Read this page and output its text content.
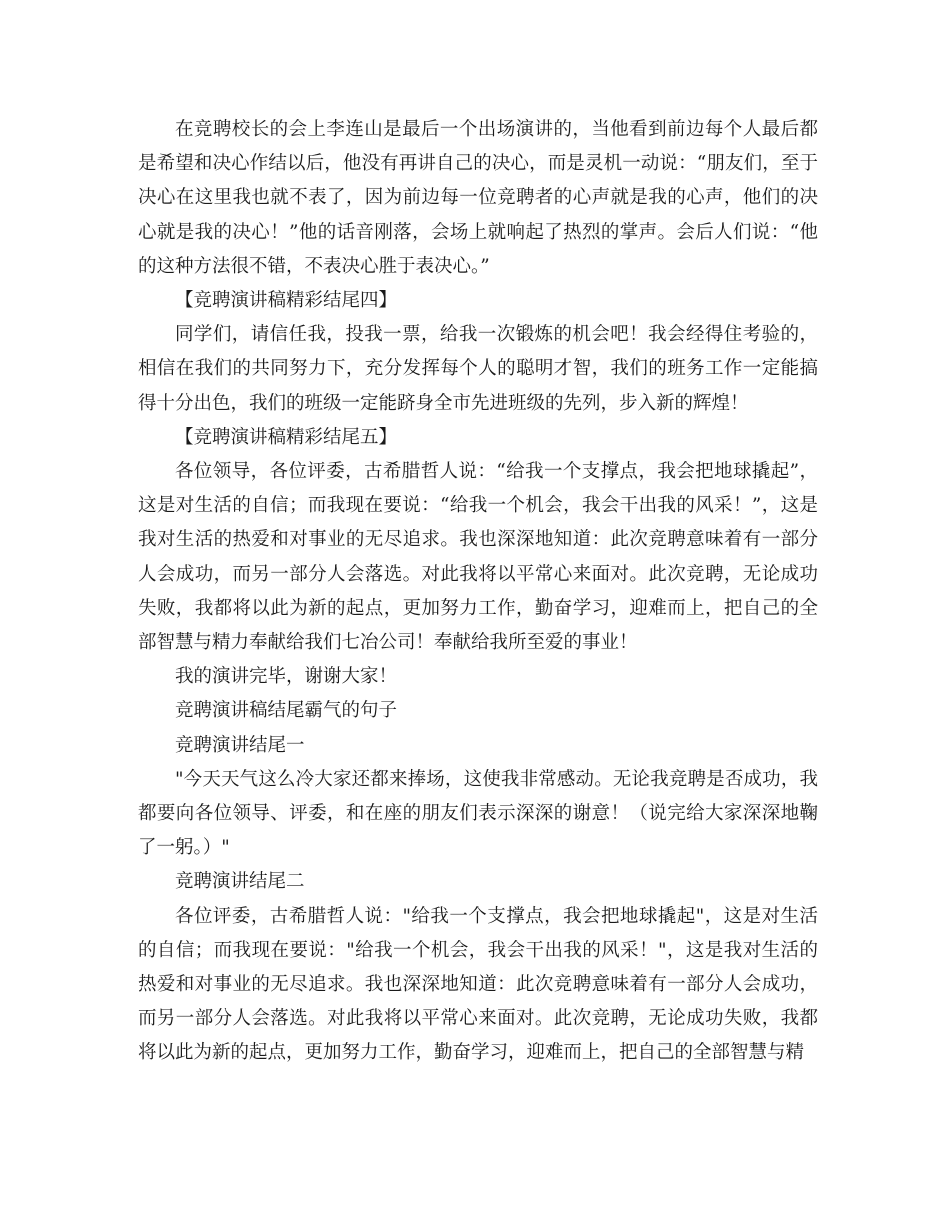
在竞聘校长的会上李连山是最后一个出场演讲的，当他看到前边每个人最后都是希望和决心作结以后，他没有再讲自己的决心，而是灵机一动说：“朋友们，至于决心在这里我也就不表了，因为前边每一位竞聘者的心声就是我的心声，他们的决心就是我的决心！”他的话音刚落，会场上就响起了热烈的掌声。会后人们说：“他的这种方法很不错，不表决心胜于表决心。”

【竞聘演讲稿精彩结尾四】

同学们，请信任我，投我一票，给我一次锻炼的机会吧！我会经得住考验的，相信在我们的共同努力下，充分发挥每个人的聪明才智，我们的班务工作一定能搞得十分出色，我们的班级一定能跻身全市先进班级的先列，步入新的辉煌！

【竞聘演讲稿精彩结尾五】

各位领导，各位评委，古希腊哲人说：“给我一个支撑点，我会把地球撬起”，这是对生活的自信；而我现在要说：“给我一个机会，我会干出我的风采！”，这是我对生活的热爱和对事业的无尽追求。我也深深地知道：此次竞聘意味着有一部分人会成功，而另一部分人会落选。对此我将以平常心来面对。此次竞聘，无论成功失败，我都将以此为新的起点，更加努力工作，勤奋学习，迎难而上，把自己的全部智慧与精力奉献给我们七冶公司！奉献给我所至爱的事业！

我的演讲完毕，谢谢大家！

竞聘演讲稿结尾霸气的句子

竞聘演讲结尾一

"今天天气这么冷大家还都来捧场，这使我非常感动。无论我竞聘是否成功，我都要向各位领导、评委，和在座的朋友们表示深深的谢意！（说完给大家深深地鞠了一躬。）"

竞聘演讲结尾二

各位评委，古希腊哲人说："给我一个支撑点，我会把地球撬起"，这是对生活的自信；而我现在要说："给我一个机会，我会干出我的风采！"，这是我对生活的热爱和对事业的无尽追求。我也深深地知道：此次竞聘意味着有一部分人会成功，而另一部分人会落选。对此我将以平常心来面对。此次竞聘，无论成功失败，我都将以此为新的起点，更加努力工作，勤奋学习，迎难而上，把自己的全部智慧与精
